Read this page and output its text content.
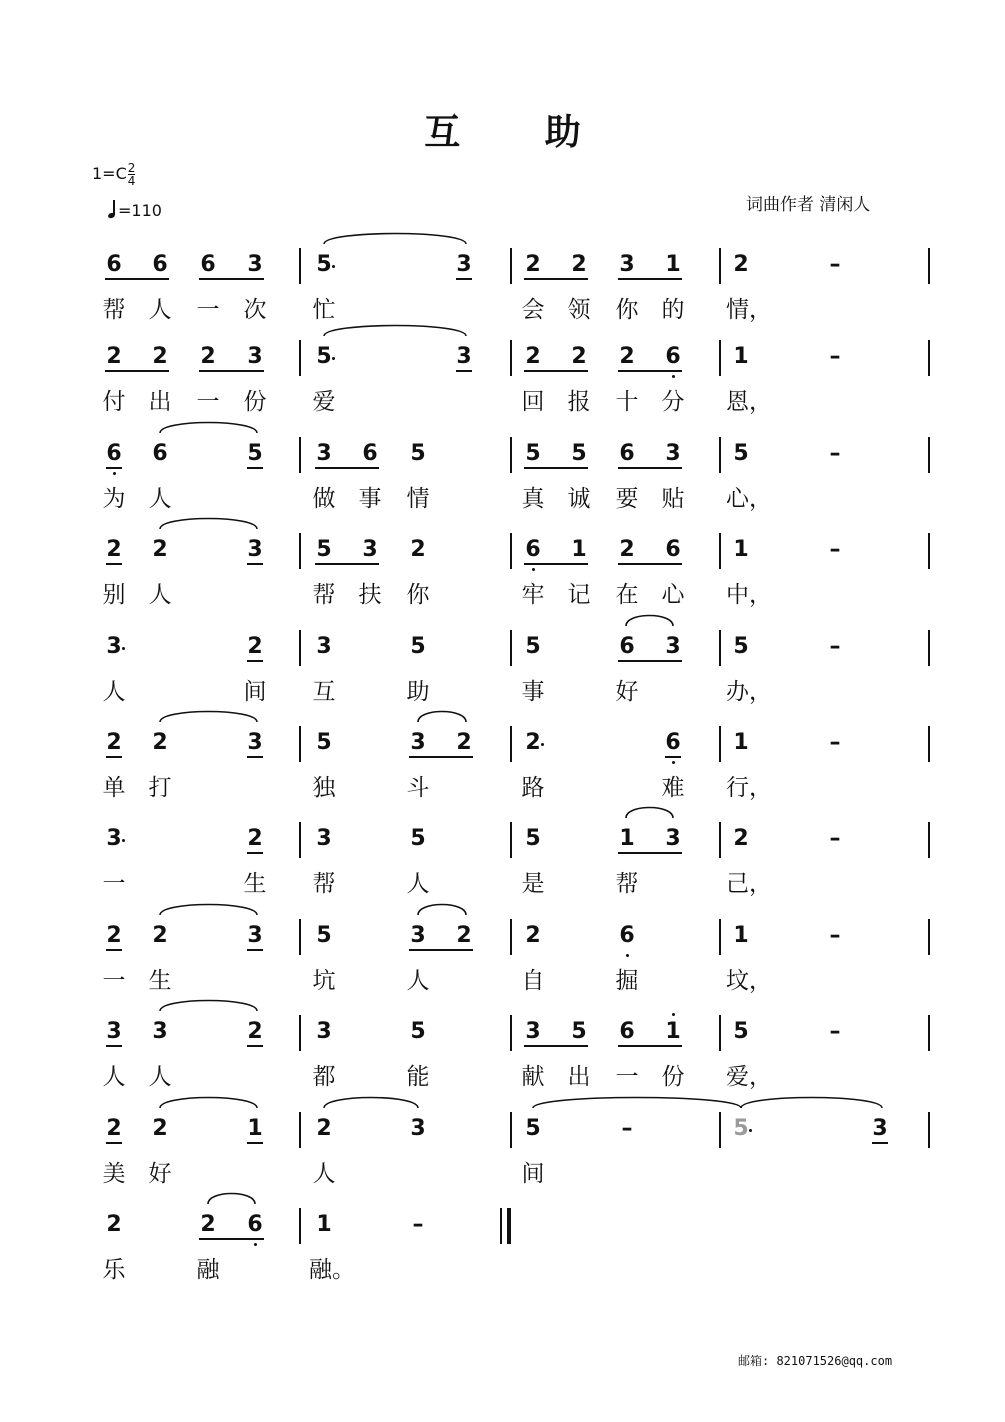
互 助
$1=C \frac{2}{4}$
=110	词曲作者 清闲人
邮箱: 821071526@qq.com
6 6 6 3 5	3 2 2 3 1 2	–
帮 人 一 次 忙	会 领 你 的 情，
2 2 2 3 5	3 2 2 2 6 1	–
付 出 一 份 爱	回 报 十 分 恩，
6 6	5 3 6 5	5 5 6 3 5	–
为 人	做 事 情	真 诚 要 贴 心，
2 2	3 5 3 2	6 1 2 6 1	–
别 人	帮 扶 你	牢 记 在 心 中，
3	2 3	5	5	6 3 5	–
人	间 互	助	事	好	办，
2 2	3 5	3 2 2	6 1	–
单 打	独	斗	路	难 行，
3	2 3	5	5	1 3 2	–
一	生 帮	人	是	帮	己，
2 2	3 5	3 2 2	6	1	–
一 生	坑	人	自	掘	坟，
3 3	2 3	5	3 5 6 1 5	–
人 人	都	能	献 出 一 份 爱，
2 2	1 2	3	5	–	5	3
美 好	人	间
2	2 6 1	–
乐	融	融。
